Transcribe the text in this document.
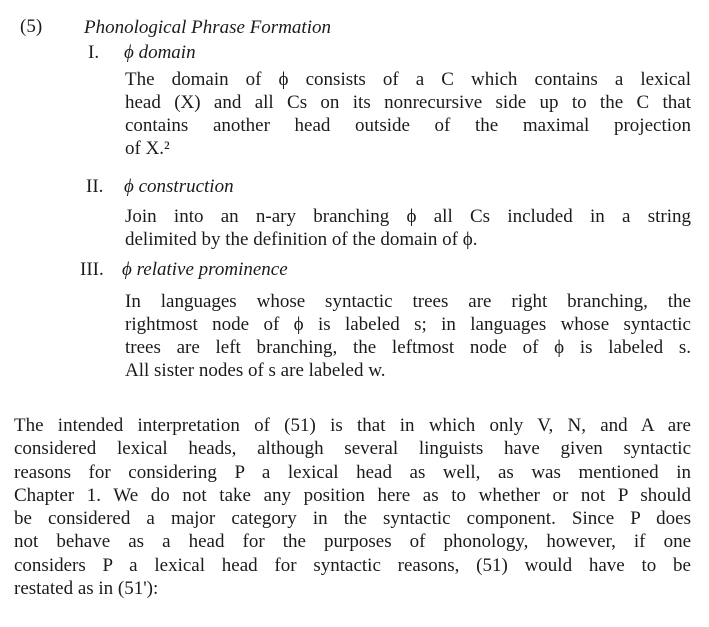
(5) Phonological Phrase Formation
I. ϕ domain
The domain of ϕ consists of a C which contains a lexical
head (X) and all Cs on its nonrecursive side up to the C that
contains another head outside of the maximal projection
of X.²
II. ϕ construction
Join into an n-ary branching ϕ all Cs included in a string
delimited by the definition of the domain of ϕ.
III. ϕ relative prominence
In languages whose syntactic trees are right branching, the
rightmost node of ϕ is labeled s; in languages whose syntactic
trees are left branching, the leftmost node of ϕ is labeled s.
All sister nodes of s are labeled w.
The intended interpretation of (51) is that in which only V, N, and A are
considered lexical heads, although several linguists have given syntactic
reasons for considering P a lexical head as well, as was mentioned in
Chapter 1. We do not take any position here as to whether or not P should
be considered a major category in the syntactic component. Since P does
not behave as a head for the purposes of phonology, however, if one
considers P a lexical head for syntactic reasons, (51) would have to be
restated as in (51'):
